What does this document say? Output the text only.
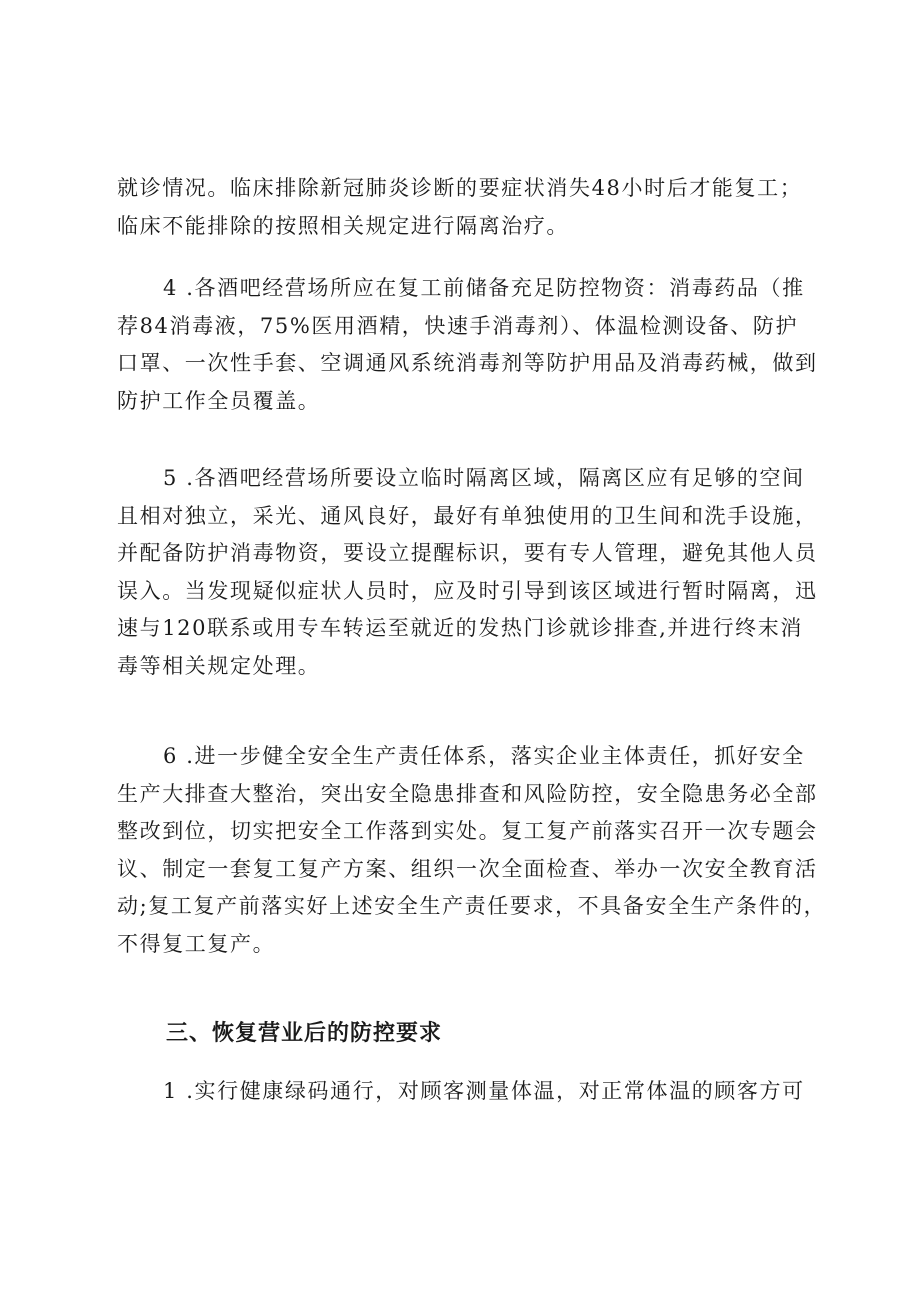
就诊情况。临床排除新冠肺炎诊断的要症状消失48小时后才能复工；
临床不能排除的按照相关规定进行隔离治疗。
4 .各酒吧经营场所应在复工前储备充足防控物资：消毒药品（推
荐84消毒液，75%医用酒精，快速手消毒剂）、体温检测设备、防护
口罩、一次性手套、空调通风系统消毒剂等防护用品及消毒药械，做到
防护工作全员覆盖。
5 .各酒吧经营场所要设立临时隔离区域，隔离区应有足够的空间
且相对独立，采光、通风良好，最好有单独使用的卫生间和洗手设施，
并配备防护消毒物资，要设立提醒标识，要有专人管理，避免其他人员
误入。当发现疑似症状人员时，应及时引导到该区域进行暂时隔离，迅
速与120联系或用专车转运至就近的发热门诊就诊排查,并进行终末消
毒等相关规定处理。
6 .进一步健全安全生产责任体系，落实企业主体责任，抓好安全
生产大排查大整治，突出安全隐患排查和风险防控，安全隐患务必全部
整改到位，切实把安全工作落到实处。复工复产前落实召开一次专题会
议、制定一套复工复产方案、组织一次全面检查、举办一次安全教育活
动;复工复产前落实好上述安全生产责任要求，不具备安全生产条件的，
不得复工复产。
三、恢复营业后的防控要求
1 .实行健康绿码通行，对顾客测量体温，对正常体温的顾客方可
